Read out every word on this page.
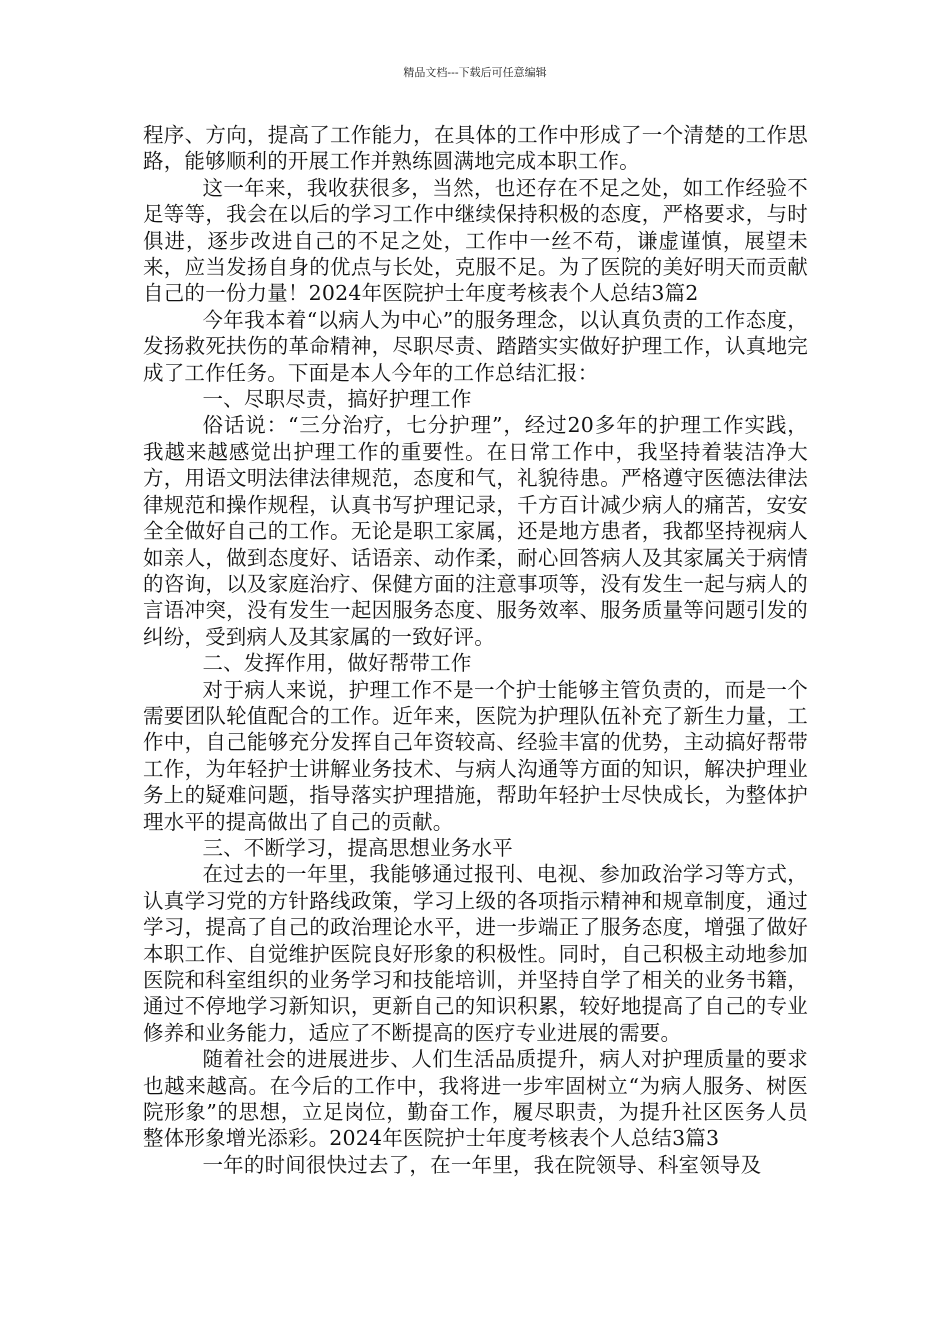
精品文档---下载后可任意编辑

程序、方向，提高了工作能力，在具体的工作中形成了一个清楚的工作思路，能够顺利的开展工作并熟练圆满地完成本职工作。

这一年来，我收获很多，当然，也还存在不足之处，如工作经验不足等等，我会在以后的学习工作中继续保持积极的态度，严格要求，与时俱进，逐步改进自己的不足之处，工作中一丝不苟，谦虚谨慎，展望未来，应当发扬自身的优点与长处，克服不足。为了医院的美好明天而贡献自己的一份力量！2024年医院护士年度考核表个人总结3篇2

今年我本着“以病人为中心”的服务理念，以认真负责的工作态度，发扬救死扶伤的革命精神，尽职尽责、踏踏实实做好护理工作，认真地完成了工作任务。下面是本人今年的工作总结汇报：

一、尽职尽责，搞好护理工作

俗话说：“三分治疗，七分护理”，经过20多年的护理工作实践，我越来越感觉出护理工作的重要性。在日常工作中，我坚持着装洁净大方，用语文明法律法律规范，态度和气，礼貌待患。严格遵守医德法律法律规范和操作规程，认真书写护理记录，千方百计减少病人的痛苦，安安全全做好自己的工作。无论是职工家属，还是地方患者，我都坚持视病人如亲人，做到态度好、话语亲、动作柔，耐心回答病人及其家属关于病情的咨询，以及家庭治疗、保健方面的注意事项等，没有发生一起与病人的言语冲突，没有发生一起因服务态度、服务效率、服务质量等问题引发的纠纷，受到病人及其家属的一致好评。

二、发挥作用，做好帮带工作

对于病人来说，护理工作不是一个护士能够主管负责的，而是一个需要团队轮值配合的工作。近年来，医院为护理队伍补充了新生力量，工作中，自己能够充分发挥自己年资较高、经验丰富的优势，主动搞好帮带工作，为年轻护士讲解业务技术、与病人沟通等方面的知识，解决护理业务上的疑难问题，指导落实护理措施，帮助年轻护士尽快成长，为整体护理水平的提高做出了自己的贡献。

三、不断学习，提高思想业务水平

在过去的一年里，我能够通过报刊、电视、参加政治学习等方式，认真学习党的方针路线政策，学习上级的各项指示精神和规章制度，通过学习，提高了自己的政治理论水平，进一步端正了服务态度，增强了做好本职工作、自觉维护医院良好形象的积极性。同时，自己积极主动地参加医院和科室组织的业务学习和技能培训，并坚持自学了相关的业务书籍，通过不停地学习新知识，更新自己的知识积累，较好地提高了自己的专业修养和业务能力，适应了不断提高的医疗专业进展的需要。

随着社会的进展进步、人们生活品质提升，病人对护理质量的要求也越来越高。在今后的工作中，我将进一步牢固树立“为病人服务、树医院形象”的思想，立足岗位，勤奋工作，履尽职责，为提升社区医务人员整体形象增光添彩。2024年医院护士年度考核表个人总结3篇3

一年的时间很快过去了，在一年里，我在院领导、科室领导及
